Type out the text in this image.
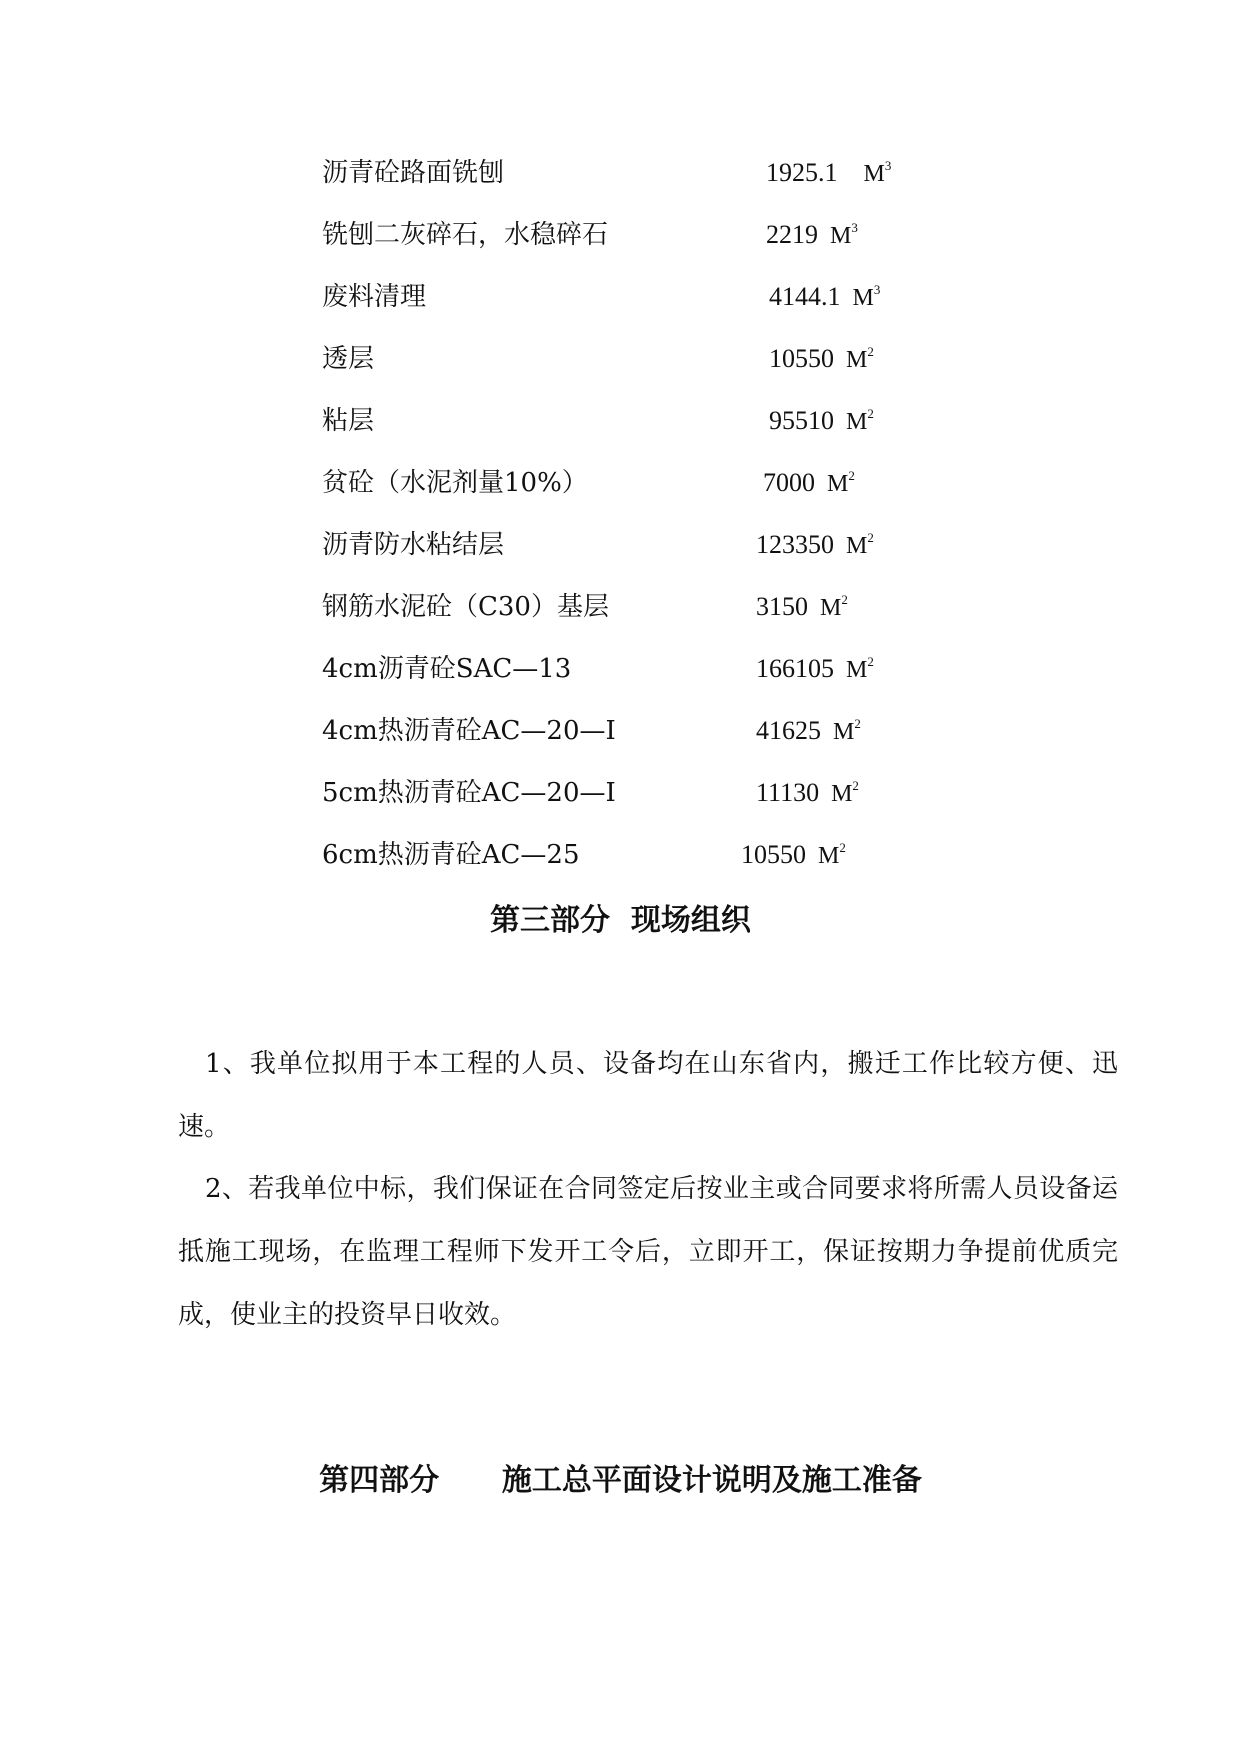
沥青砼路面铣刨	1925.1 $M^3$
铣刨二灰碎石，水稳碎石	2219 $M^3$
废料清理	4144.1 $M^3$
透层	10550 $M^2$
粘层	95510 $M^2$
贫砼（水泥剂量10%）	7000 $M^2$
沥青防水粘结层	123350 $M^2$
钢筋水泥砼（C30）基层	3150 $M^2$
4cm沥青砼SAC—13	166105 $M^2$
4cm热沥青砼AC—20—I	41625 $M^2$
5cm热沥青砼AC—20—I	11130 $M^2$
6cm热沥青砼AC—25	10550 $M^2$
第三部分  现场组织

1、我单位拟用于本工程的人员、设备均在山东省内，搬迁工作比较方便、迅速。

2、若我单位中标，我们保证在合同签定后按业主或合同要求将所需人员设备运抵施工现场，在监理工程师下发开工令后，立即开工，保证按期力争提前优质完成，使业主的投资早日收效。

第四部分      施工总平面设计说明及施工准备
